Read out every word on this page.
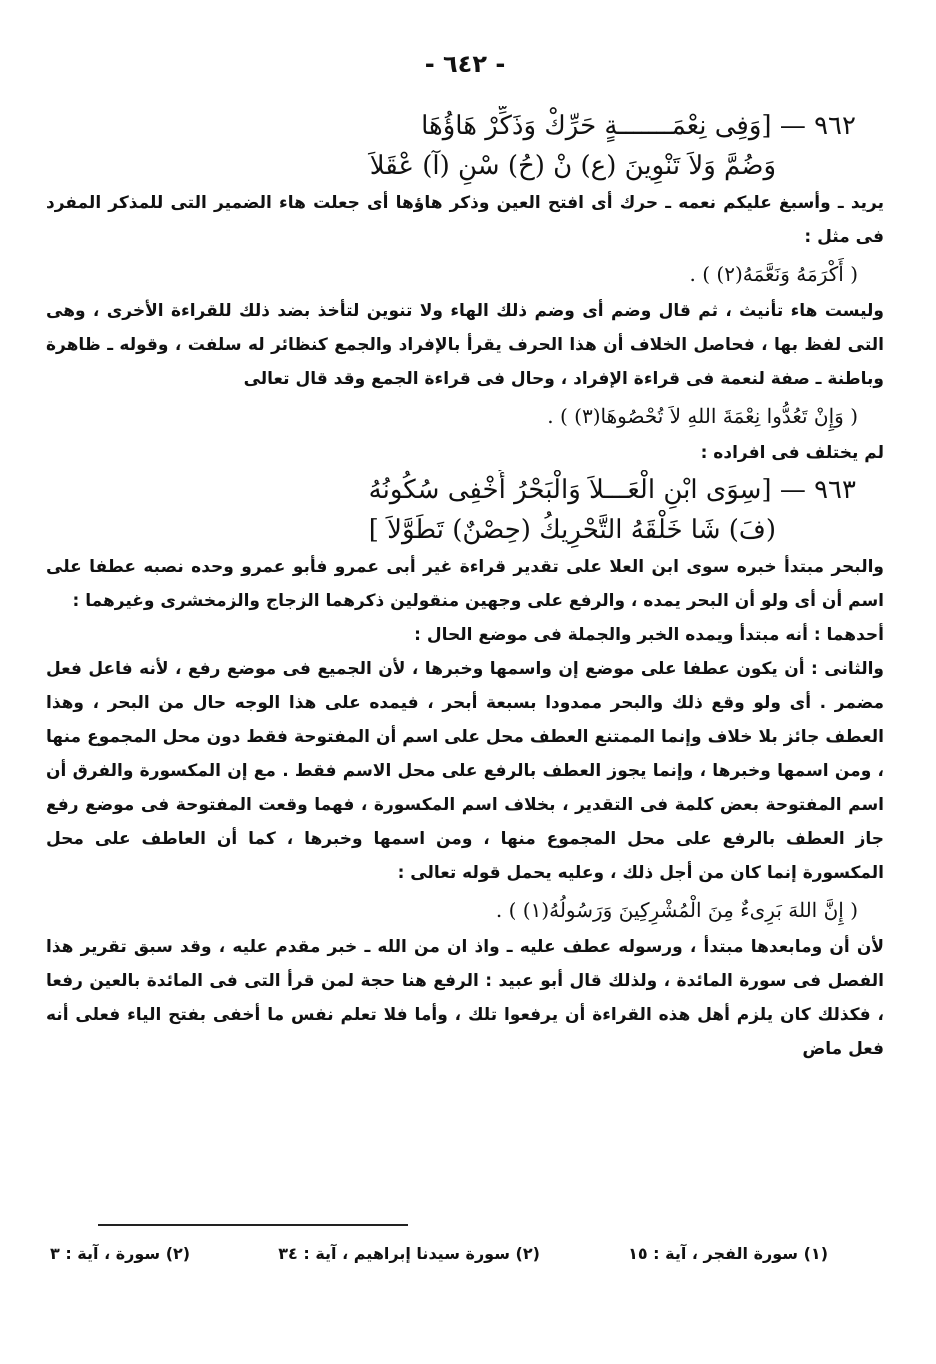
- ٦٤٢ -
٩٦٢ — [وَفِى نِعْمَـــــــةٍ حَرِّكْ وَذَكِّرْ هَاؤُهَا
وَضُمَّ وَلاَ تَنْوِينَ (ع) نْ (حُ) سْنِ (آ) عْقَلاَ

يريد ـ وأسبغ عليكم نعمه ـ حرك أى افتح العين وذكر هاؤها أى جعلت هاء الضمير التى للمذكر المفرد فى مثل :

( أَكْرَمَهُ وَنَعَّمَهُ(٢) ) .

وليست هاء تأنيث ، ثم قال وضم أى وضم ذلك الهاء ولا تنوين لتأخذ بضد ذلك للقراءة الأخرى ، وهى التى لفظ بها ، فحاصل الخلاف أن هذا الحرف يقرأ بالإفراد والجمع كنظائر له سلفت ، وقوله ـ ظاهرة وباطنة ـ صفة لنعمة فى قراءة الإفراد ، وحال فى قراءة الجمع وقد قال تعالى

( وَإِنْ تَعُدُّوا نِعْمَةَ اللهِ لاَ تُحْصُوهَا(٣) ) .

لم يختلف فى افراده :

٩٦٣ — [سِوَى ابْنِ الْعَـــلاَ وَالْبَحْرُ أُخْفِى سُكُونُهُ
(فَ) شَا خَلْقَهُ التَّحْرِيكُ (حِصْنٌ) تَطَوَّلاَ ]

والبحر مبتدأ خبره سوى ابن العلا على تقدير قراءة غير أبى عمرو فأبو عمرو وحده نصبه عطفا على اسم أن أى ولو أن البحر يمده ، والرفع على وجهين منقولين ذكرهما الزجاج والزمخشرى وغيرهما :

أحدهما : أنه مبتدأ ويمده الخبر والجملة فى موضع الحال :

والثانى : أن يكون عطفا على موضع إن واسمها وخبرها ، لأن الجميع فى موضع رفع ، لأنه فاعل فعل مضمر . أى ولو وقع ذلك والبحر ممدودا بسبعة أبحر ، فيمده على هذا الوجه حال من البحر ، وهذا العطف جائز بلا خلاف وإنما الممتنع العطف محل على اسم أن المفتوحة فقط دون محل المجموع منها ، ومن اسمها وخبرها ، وإنما يجوز العطف بالرفع على محل الاسم فقط . مع إن المكسورة والفرق أن اسم المفتوحة بعض كلمة فى التقدير ، بخلاف اسم المكسورة ، فهما وقعت المفتوحة فى موضع رفع جاز العطف بالرفع على محل المجموع منها ، ومن اسمها وخبرها ، كما أن العاطف على محل المكسورة إنما كان من أجل ذلك ، وعليه يحمل قوله تعالى :

( إِنَّ اللهَ بَرِىءٌ مِنَ الْمُشْرِكِينَ وَرَسُولُهُ(١) ) .

لأن أن ومابعدها مبتدأ ، ورسوله عطف عليه ـ واذ ان من الله ـ خبر مقدم عليه ، وقد سبق تقرير هذا الفصل فى سورة المائدة ، ولذلك قال أبو عبيد : الرفع هنا حجة لمن قرأ التى فى المائدة بالعين رفعا ، فكذلك كان يلزم أهل هذه القراءة أن يرفعوا تلك ، وأما فلا تعلم نفس ما أخفى بفتح الياء فعلى أنه فعل ماض

(١) سورة الفجر ، آية : ١٥
(٢) سورة سيدنا إبراهيم ، آية : ٣٤
(٢) سورة ، آية : ٣
